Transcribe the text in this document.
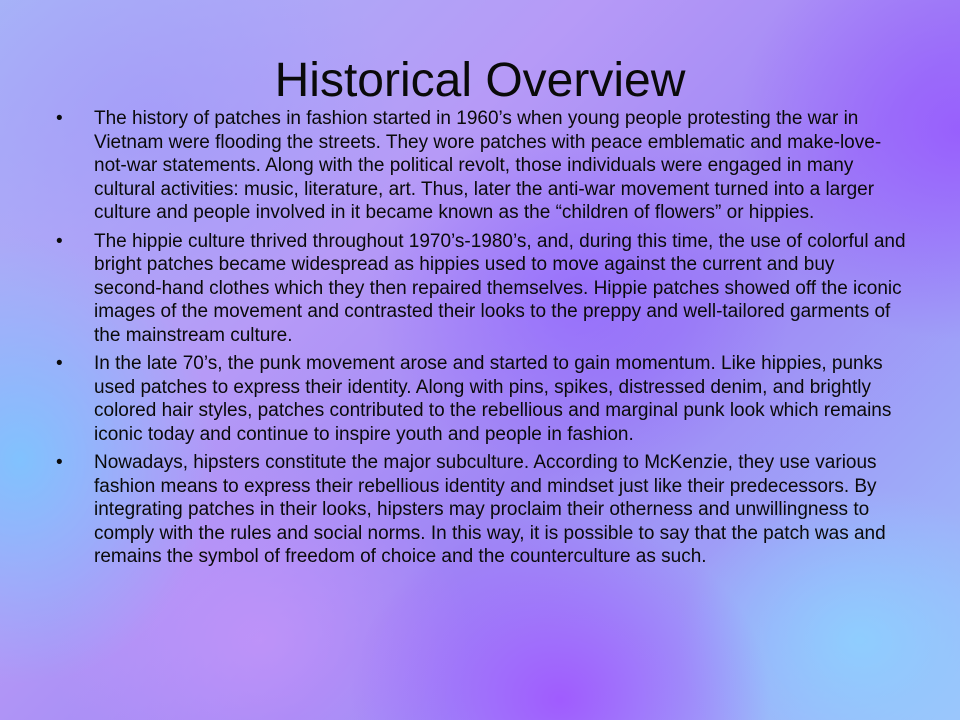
Historical Overview
• The history of patches in fashion started in 1960’s when young people protesting the war in Vietnam were flooding the streets. They wore patches with peace emblematic and make-love-not-war statements. Along with the political revolt, those individuals were engaged in many cultural activities: music, literature, art. Thus, later the anti-war movement turned into a larger culture and people involved in it became known as the “children of flowers” or hippies.
• The hippie culture thrived throughout 1970’s-1980’s, and, during this time, the use of colorful and bright patches became widespread as hippies used to move against the current and buy second-hand clothes which they then repaired themselves. Hippie patches showed off the iconic images of the movement and contrasted their looks to the preppy and well-tailored garments of the mainstream culture.
• In the late 70’s, the punk movement arose and started to gain momentum. Like hippies, punks used patches to express their identity. Along with pins, spikes, distressed denim, and brightly colored hair styles, patches contributed to the rebellious and marginal punk look which remains iconic today and continue to inspire youth and people in fashion.
• Nowadays, hipsters constitute the major subculture. According to McKenzie, they use various fashion means to express their rebellious identity and mindset just like their predecessors. By integrating patches in their looks, hipsters may proclaim their otherness and unwillingness to comply with the rules and social norms. In this way, it is possible to say that the patch was and remains the symbol of freedom of choice and the counterculture as such.
